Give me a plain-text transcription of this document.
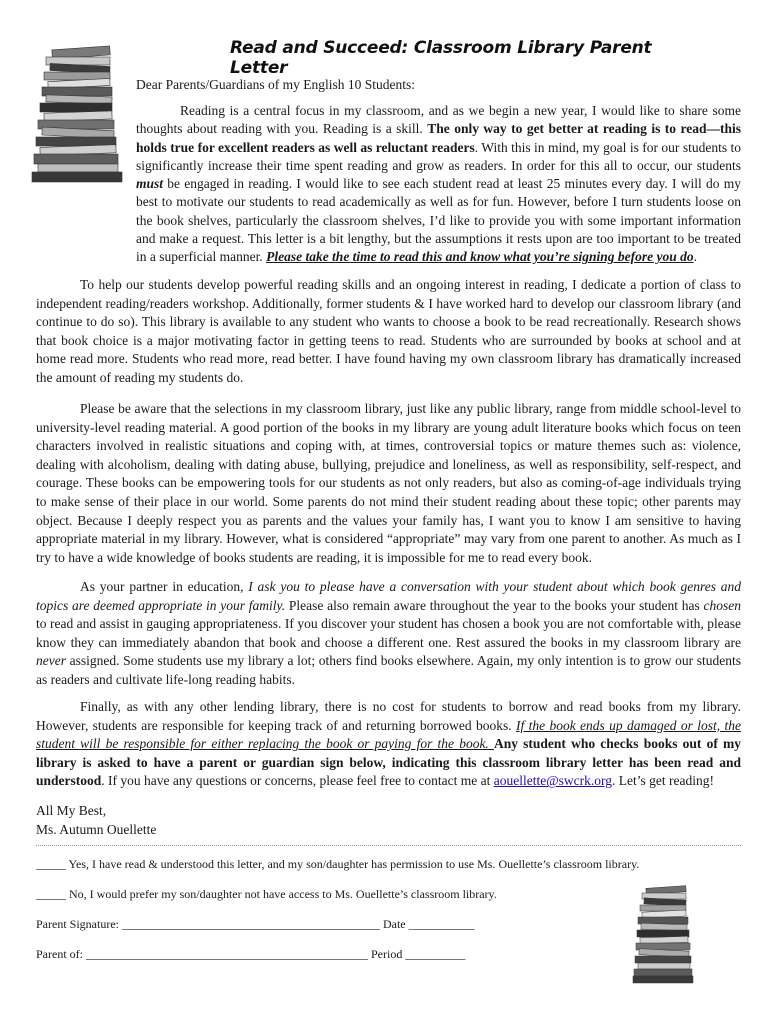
Read and Succeed: Classroom Library Parent Letter
Dear Parents/Guardians of my English 10 Students:
Reading is a central focus in my classroom, and as we begin a new year, I would like to share some thoughts about reading with you. Reading is a skill. The only way to get better at reading is to read—this holds true for excellent readers as well as reluctant readers. With this in mind, my goal is for our students to significantly increase their time spent reading and grow as readers. In order for this all to occur, our students must be engaged in reading. I would like to see each student read at least 25 minutes every day. I will do my best to motivate our students to read academically as well as for fun. However, before I turn students loose on the book shelves, particularly the classroom shelves, I’d like to provide you with some important information and make a request. This letter is a bit lengthy, but the assumptions it rests upon are too important to be treated in a superficial manner. Please take the time to read this and know what you’re signing before you do.

To help our students develop powerful reading skills and an ongoing interest in reading, I dedicate a portion of class to independent reading/readers workshop. Additionally, former students & I have worked hard to develop our classroom library (and continue to do so). This library is available to any student who wants to choose a book to be read recreationally. Research shows that book choice is a major motivating factor in getting teens to read. Students who are surrounded by books at school and at home read more. Students who read more, read better. I have found having my own classroom library has dramatically increased the amount of reading my students do.

Please be aware that the selections in my classroom library, just like any public library, range from middle school-level to university-level reading material. A good portion of the books in my library are young adult literature books which focus on teen characters involved in realistic situations and coping with, at times, controversial topics or mature themes such as: violence, dealing with alcoholism, dealing with dating abuse, bullying, prejudice and loneliness, as well as responsibility, self-respect, and courage. These books can be empowering tools for our students as not only readers, but also as coming-of-age individuals trying to make sense of their place in our world. Some parents do not mind their student reading about these topic; other parents may object. Because I deeply respect you as parents and the values your family has, I want you to know I am sensitive to having appropriate material in my library. However, what is considered “appropriate” may vary from one parent to another. As much as I try to have a wide knowledge of books students are reading, it is impossible for me to read every book.

As your partner in education, I ask you to please have a conversation with your student about which book genres and topics are deemed appropriate in your family. Please also remain aware throughout the year to the books your student has chosen to read and assist in gauging appropriateness. If you discover your student has chosen a book you are not comfortable with, please know they can immediately abandon that book and choose a different one. Rest assured the books in my classroom library are never assigned. Some students use my library a lot; others find books elsewhere. Again, my only intention is to grow our students as readers and cultivate life-long reading habits.

Finally, as with any other lending library, there is no cost for students to borrow and read books from my library. However, students are responsible for keeping track of and returning borrowed books. If the book ends up damaged or lost, the student will be responsible for either replacing the book or paying for the book. Any student who checks books out of my library is asked to have a parent or guardian sign below, indicating this classroom library letter has been read and understood. If you have any questions or concerns, please feel free to contact me at aouellette@swcrk.org. Let’s get reading!

All My Best,
Ms. Autumn Ouellette
_____ Yes, I have read & understood this letter, and my son/daughter has permission to use Ms. Ouellette’s classroom library.
_____ No, I would prefer my son/daughter not have access to Ms. Ouellette’s classroom library.
Parent Signature: ___________________________________________ Date ___________
Parent of: _______________________________________________ Period __________
